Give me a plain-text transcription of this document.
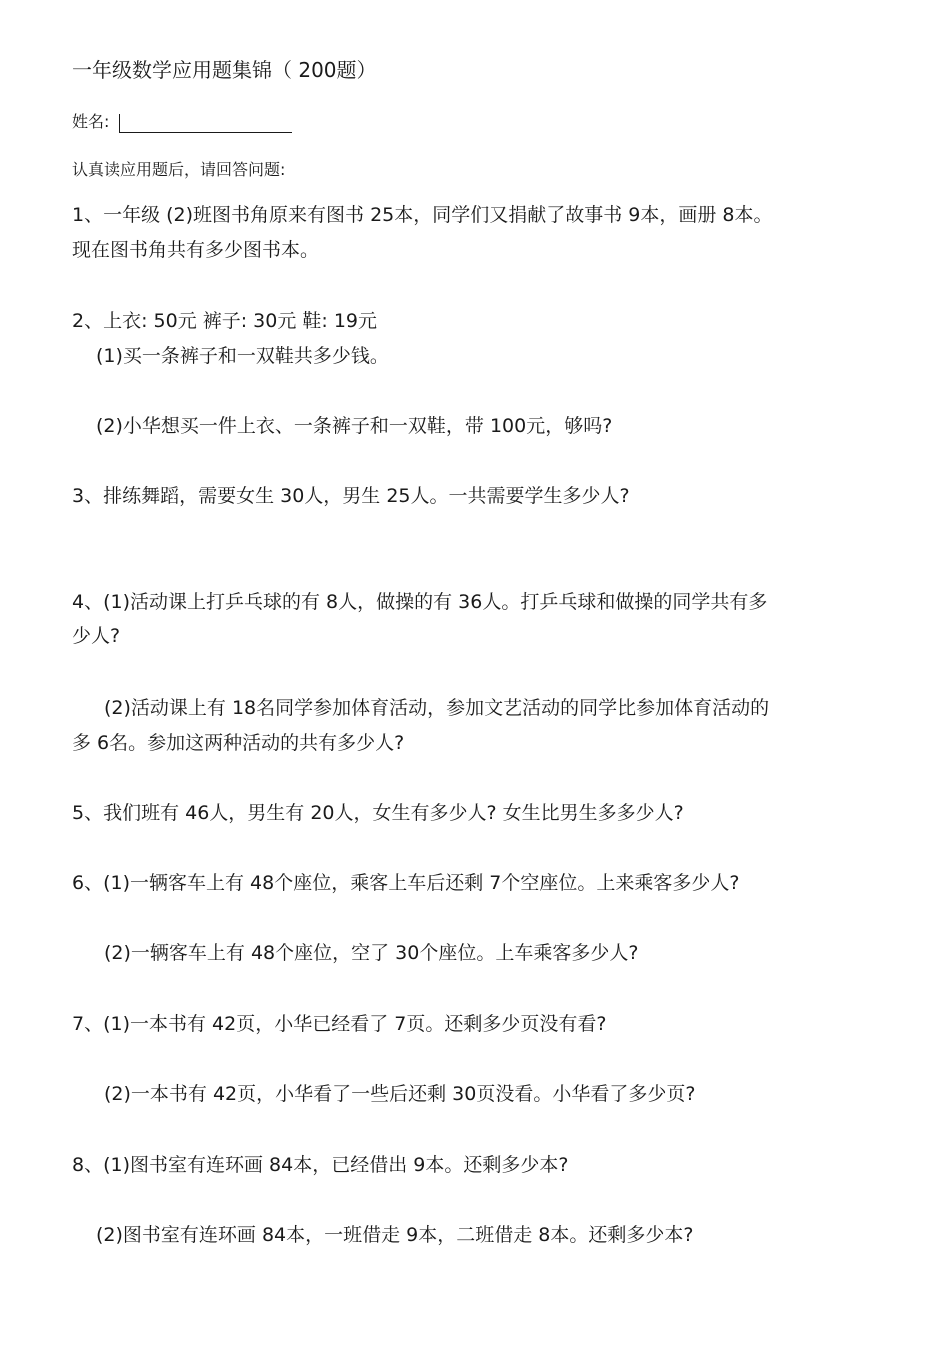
一年级数学应用题集锦（ 200题）
姓名:
认真读应用题后，请回答问题:
1、一年级 (2)班图书角原来有图书 25本，同学们又捐献了故事书 9本，画册 8本。
现在图书角共有多少图书本。
2、上衣: 50元 裤子: 30元 鞋: 19元
(1)买一条裤子和一双鞋共多少钱。
(2)小华想买一件上衣、一条裤子和一双鞋，带 100元，够吗?
3、排练舞蹈，需要女生 30人，男生 25人。一共需要学生多少人?
4、(1)活动课上打乒乓球的有 8人，做操的有 36人。打乒乓球和做操的同学共有多
少人?
(2)活动课上有 18名同学参加体育活动，参加文艺活动的同学比参加体育活动的
多 6名。参加这两种活动的共有多少人?
5、我们班有 46人，男生有 20人，女生有多少人? 女生比男生多多少人?
6、(1)一辆客车上有 48个座位，乘客上车后还剩 7个空座位。上来乘客多少人?
(2)一辆客车上有 48个座位，空了 30个座位。上车乘客多少人?
7、(1)一本书有 42页，小华已经看了 7页。还剩多少页没有看?
(2)一本书有 42页，小华看了一些后还剩 30页没看。小华看了多少页?
8、(1)图书室有连环画 84本，已经借出 9本。还剩多少本?
(2)图书室有连环画 84本，一班借走 9本，二班借走 8本。还剩多少本?
